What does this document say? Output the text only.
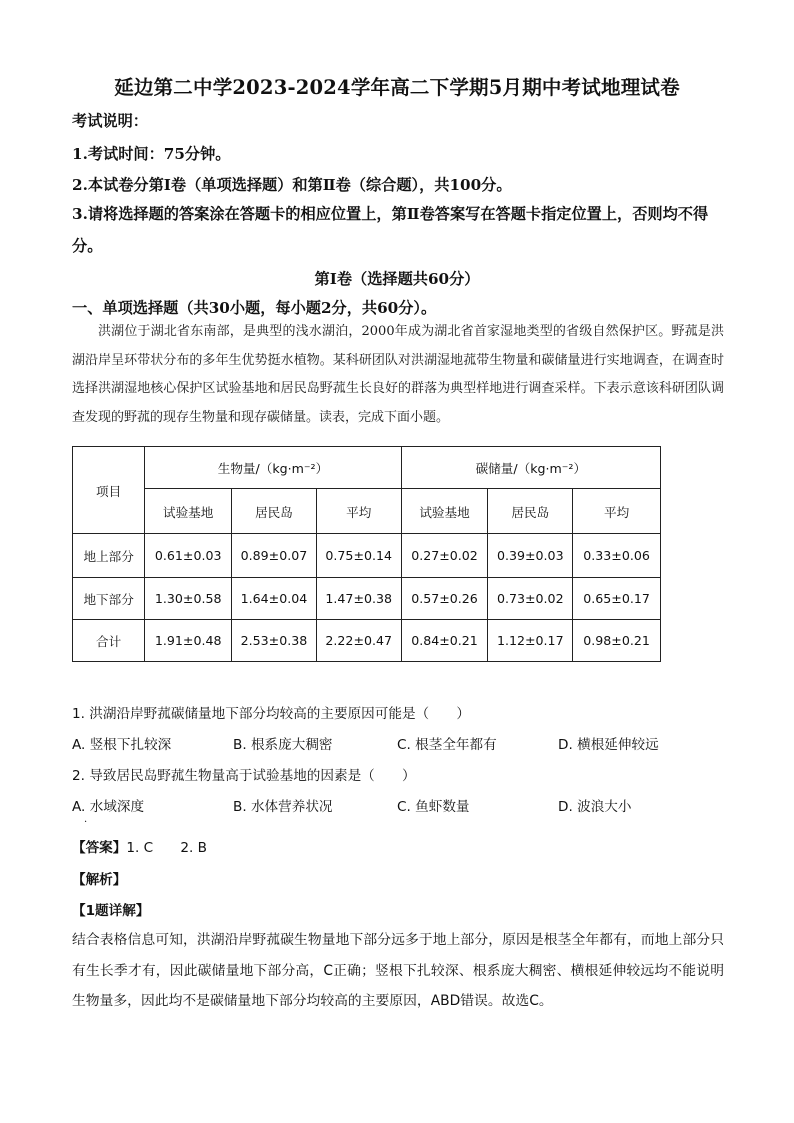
延边第二中学2023-2024学年高二下学期5月期中考试地理试卷
考试说明：
1.考试时间：75分钟。
2.本试卷分第Ⅰ卷（单项选择题）和第Ⅱ卷（综合题），共100分。
3.请将选择题的答案涂在答题卡的相应位置上，第Ⅱ卷答案写在答题卡指定位置上，否则均不得分。
第Ⅰ卷（选择题共60分）
一、单项选择题（共30小题，每小题2分，共60分）。
洪湖位于湖北省东南部，是典型的浅水湖泊，2000年成为湖北省首家湿地类型的省级自然保护区。野菰是洪湖沿岸呈环带状分布的多年生优势挺水植物。某科研团队对洪湖湿地菰带生物量和碳储量进行实地调查，在调查时选择洪湖湿地核心保护区试验基地和居民岛野菰生长良好的群落为典型样地进行调查采样。下表示意该科研团队调查发现的野菰的现存生物量和现存碳储量。读表，完成下面小题。
项目	生物量/（kg·m⁻²）			碳储量/（kg·m⁻²）		
	试验基地	居民岛	平均	试验基地	居民岛	平均
地上部分	0.61±0.03	0.89±0.07	0.75±0.14	0.27±0.02	0.39±0.03	0.33±0.06
地下部分	1.30±0.58	1.64±0.04	1.47±0.38	0.57±0.26	0.73±0.02	0.65±0.17
合计	1.91±0.48	2.53±0.38	2.22±0.47	0.84±0.21	1.12±0.17	0.98±0.21
1. 洪湖沿岸野菰碳储量地下部分均较高的主要原因可能是（　　）
A. 竖根下扎较深	B. 根系庞大稠密	C. 根茎全年都有	D. 横根延伸较远
2. 导致居民岛野菰生物量高于试验基地的因素是（　　）
A. 水域深度	B. 水体营养状况	C. 鱼虾数量	D. 波浪大小
.
【答案】1. C　　2. B
【解析】
【1题详解】
结合表格信息可知，洪湖沿岸野菰碳生物量地下部分远多于地上部分，原因是根茎全年都有，而地上部分只有生长季才有，因此碳储量地下部分高，C正确；竖根下扎较深、根系庞大稠密、横根延伸较远均不能说明生物量多，因此均不是碳储量地下部分均较高的主要原因，ABD错误。故选C。
